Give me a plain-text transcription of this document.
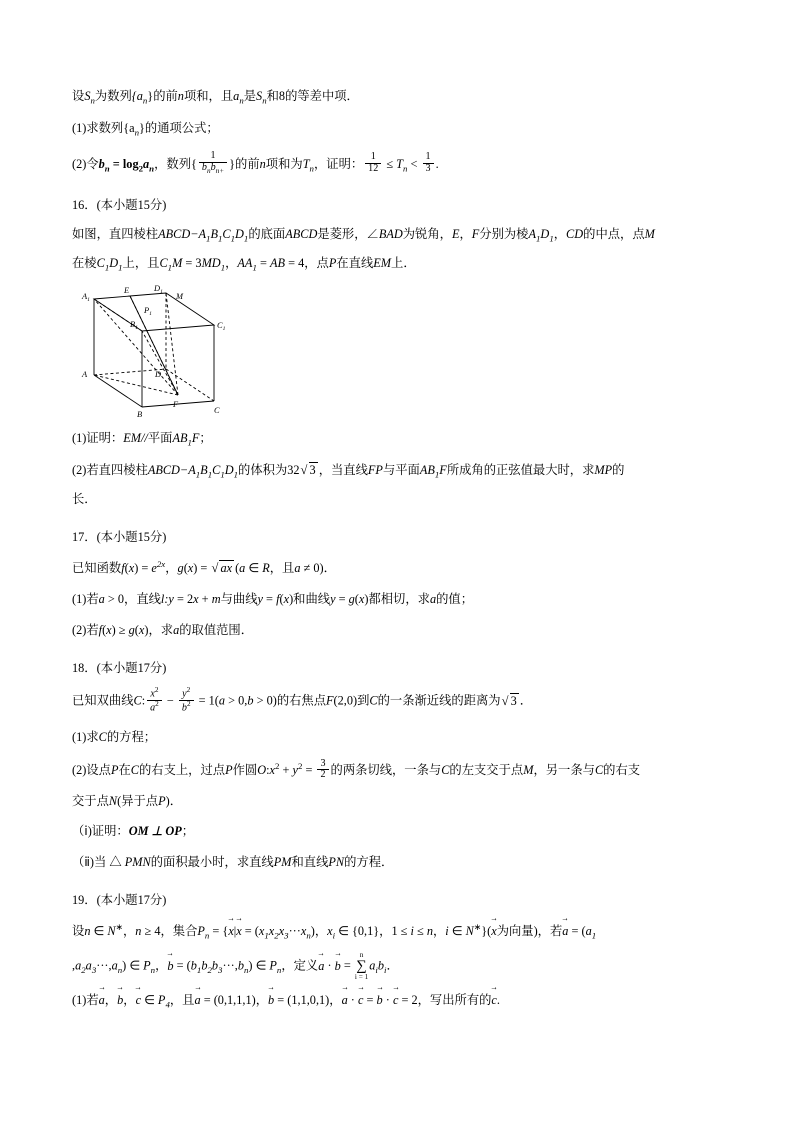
设$S_n$为数列$\{a_n\}$的前n项和，且$a_n$是$S_n$和8的等差中项．

(1)求数列$\{a_n\}$的通项公式；

(2)令$b_n = \log_2a_n$，数列{ $\frac{1}{b_nb_{n+}}$ }的前n项和为$T_n$，证明： $\frac{1}{12} \le T_n < \frac{1}{3}$ .

16．(本小题15分)

如图，直四棱柱$ABCD-A_1B_1C_1D_1$的底面ABCD是菱形，∠BAD为锐角，E，F分别为棱$A_1D_1$，CD的中点，点M

在棱$C_1D_1$上，且$C_1M = 3MD_1$，$AA_1$ = AB = 4，点P在直线EM上．

$A_1$
E	$D_1$ M
$P_1$
$B_1$	$C_1$
A	D
F
B	C

(1)证明：EM//平面$AB_1F$；

(2)若直四棱柱$ABCD-A_1B_1C_1D_1$的体积为32 √ 3 ，当直线FP与平面$AB_1F$所成角的正弦值最大时，求MP的

长．

17．(本小题15分)

已知函数$f(x) = e^{2x}$，g(x) = √ ax (a ∈ R，且a ≠ 0)．

(1)若a > 0，直线l:y = 2x + m与曲线y = f(x)和曲线y = g(x)都相切，求a的值；

(2)若f(x) ≥ g(x)，求a的取值范围．

18．(本小题17分)

已知双曲线C: $\frac{x^2}{a^2} - \frac{y^2}{b^2} = 1(a > 0,b > 0)$的右焦点F(2,0)到C的一条渐近线的距离为 √ 3 ．

(1)求C的方程；

(2)设点P在C的右支上，过点P作圆$O:x^2 + y^2 = \frac{3}{2}$ 的两条切线，一条与C的左支交于点M，另一条与C的右支

交于点N(异于点P)．

（ⅰ)证明：OM ⊥ OP；

（ⅱ)当 △ PMN的面积最小时，求直线PM和直线PN的方程．

19．(本小题17分)

设n ∈ N∗，n ≥ 4，集合$P_n = \{x \to|x$ → = $(x_1x_2x_3\cdot\cdot\cdot x_n)$，$x_i$ ∈ {0,1}，1 ≤ i ≤ n，i ∈ N∗}(x →为向量)，若a → = ($a_1$

$,a_2a_3\cdot\cdot\cdot,a_n$) ∈ $P_n$，b → = $(b_1b_2b_3\cdot\cdot\cdot,b_n)$ ∈ $P_n$，定义a → · b → =
n
∑
i = 1
$a_ib_i$．

(1)若a →，b →，c → ∈ $P_4$，且a → = (0,1,1,1)，b → = (1,1,0,1)，a → · c → = b → · c → = 2，写出所有的c →.
